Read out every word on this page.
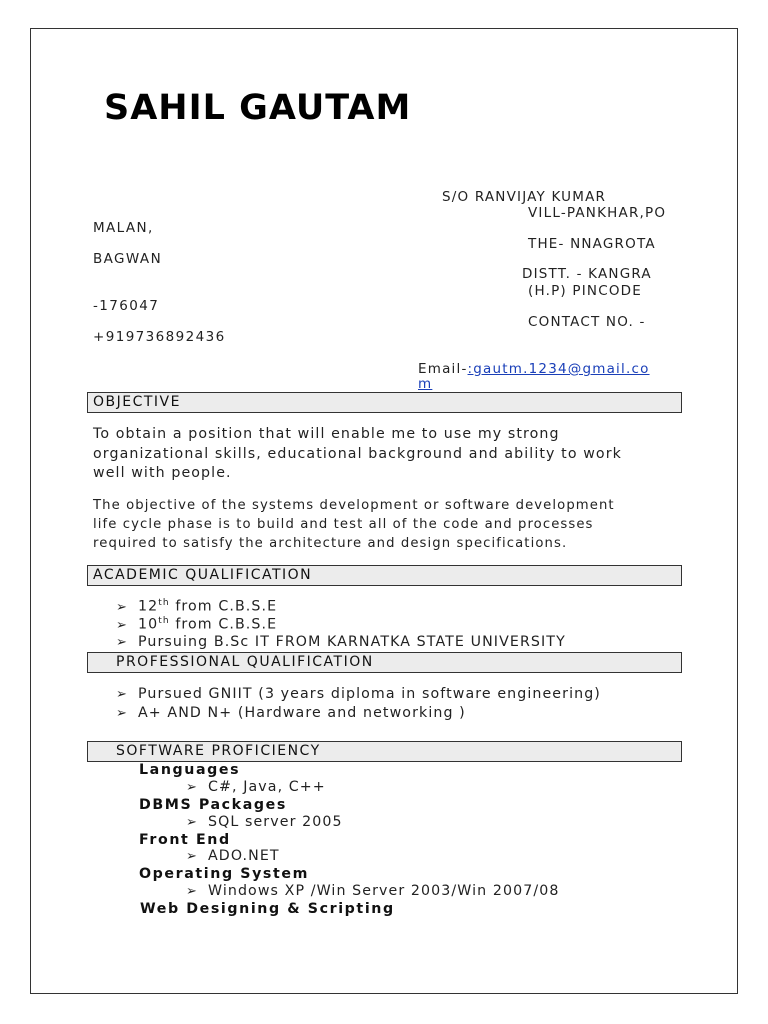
SAHIL GAUTAM
S/O RANVIJAY KUMAR
VILL-PANKHAR,PO
THE- NNAGROTA
DISTT. - KANGRA
(H.P) PINCODE
CONTACT NO. -
MALAN,
BAGWAN
-176047
+919736892436
Email-:gautm.1234@gmail.co
m
OBJECTIVE
To obtain a position that will enable me to use my strong
organizational skills, educational background and ability to work
well with people.
The objective of the systems development or software development
life cycle phase is to build and test all of the code and processes
required to satisfy the architecture and design specifications.
ACADEMIC QUALIFICATION
➢ 12th from C.B.S.E
➢ 10th from C.B.S.E
➢ Pursuing B.Sc IT FROM KARNATKA STATE UNIVERSITY
PROFESSIONAL QUALIFICATION
➢ Pursued GNIIT (3 years diploma in software engineering)
➢ A+ AND N+ (Hardware and networking )
SOFTWARE PROFICIENCY
Languages
➢ C#, Java, C++
DBMS Packages
➢ SQL server 2005
Front End
➢ ADO.NET
Operating System
➢ Windows XP /Win Server 2003/Win 2007/08
Web Designing & Scripting
